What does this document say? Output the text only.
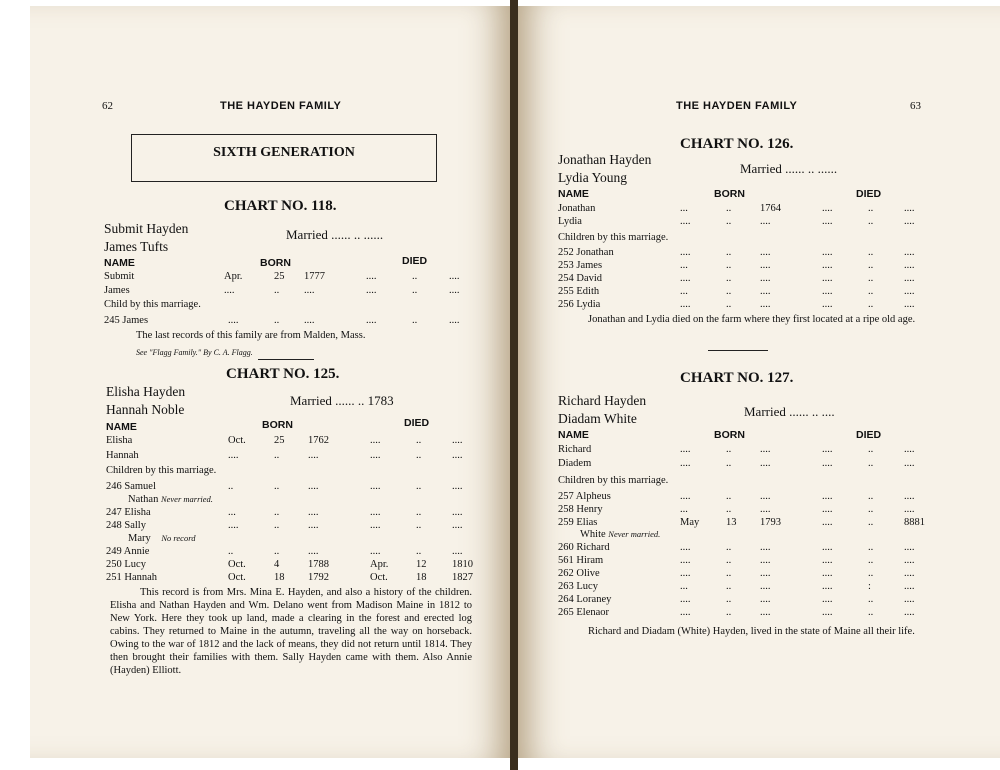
62	THE HAYDEN FAMILY
SIXTH GENERATION
CHART NO. 118.
Submit Hayden
James Tufts
Married ...... .. ......
NAME	BORN	DIED
Submit	Apr.	25 1777	....	..	....
James	....	.. ....	....	..	....
Child by this marriage.
245 James	....	.. ....	....	..	....
The last records of this family are from Malden, Mass.
See "Flagg Family." By C. A. Flagg.
CHART NO. 125.
Elisha Hayden
Hannah Noble
Married ...... .. 1783
NAME	BORN	DIED
Elisha	Oct.	25 1762	....	..	....
Hannah	....	..	....	....	..	....
Children by this marriage.
246 Samuel	..	..	....	....	..	....
Nathan Never married.
247 Elisha	...	..	....	....	..	....
248 Sally	....	..	....	....	..	....
Mary No record
249 Annie	..	..	....	....	..	....
250 Lucy	Oct.	4	1788	Apr.	12 1810
251 Hannah	Oct.	18 1792	Oct.	18 1827
This record is from Mrs. Mina E. Hayden, and also a history of the children. Elisha and Nathan Hayden and Wm. Delano went from Madison Maine in 1812 to New York. Here they took up land, made a clearing in the forest and erected log cabins. They returned to Maine in the autumn, traveling all the way on horseback. Owing to the war of 1812 and the lack of means, they did not return until 1814. They then brought their families with them. Sally Hayden came with them. Also Annie (Hayden) Elliott.
THE HAYDEN FAMILY	63
CHART NO. 126.
Jonathan Hayden
Lydia Young
Married ...... .. ......
NAME	BORN	DIED
Jonathan	...	..	1764	....	..	....
Lydia	....	..	....	....	..	....
Children by this marriage.
252 Jonathan	....	..	....	....	..	....
253 James	...	..	....	....	..	....
254 David	....	..	....	....	..	....
255 Edith	...	..	....	....	..	....
256 Lydia	....	..	....	....	..	....
Jonathan and Lydia died on the farm where they first located at a ripe old age.
CHART NO. 127.
Richard Hayden
Diadam White	Married ...... .. ....
NAME	BORN	DIED
Richard	....	..	....	....	..	....
Diadem	....	..	....	....	..	....
Children by this marriage.
257 Alpheus	....	..	....	....	..	....
258 Henry	...	..	....	....	..	....
259 Elias	May	13 1793	....	..	8881
260 Richard	....	..	....	....	..	....
561 Hiram	....	..	....	....	..	....
262 Olive	....	..	....	....	..	....
263 Lucy	...	..	....	....	:	....
264 Loraney	....	..	....	....	..	....
265 Elenaor	....	..	....	....	..	....
White Never married.
Richard and Diadam (White) Hayden, lived in the state of Maine all their life.
